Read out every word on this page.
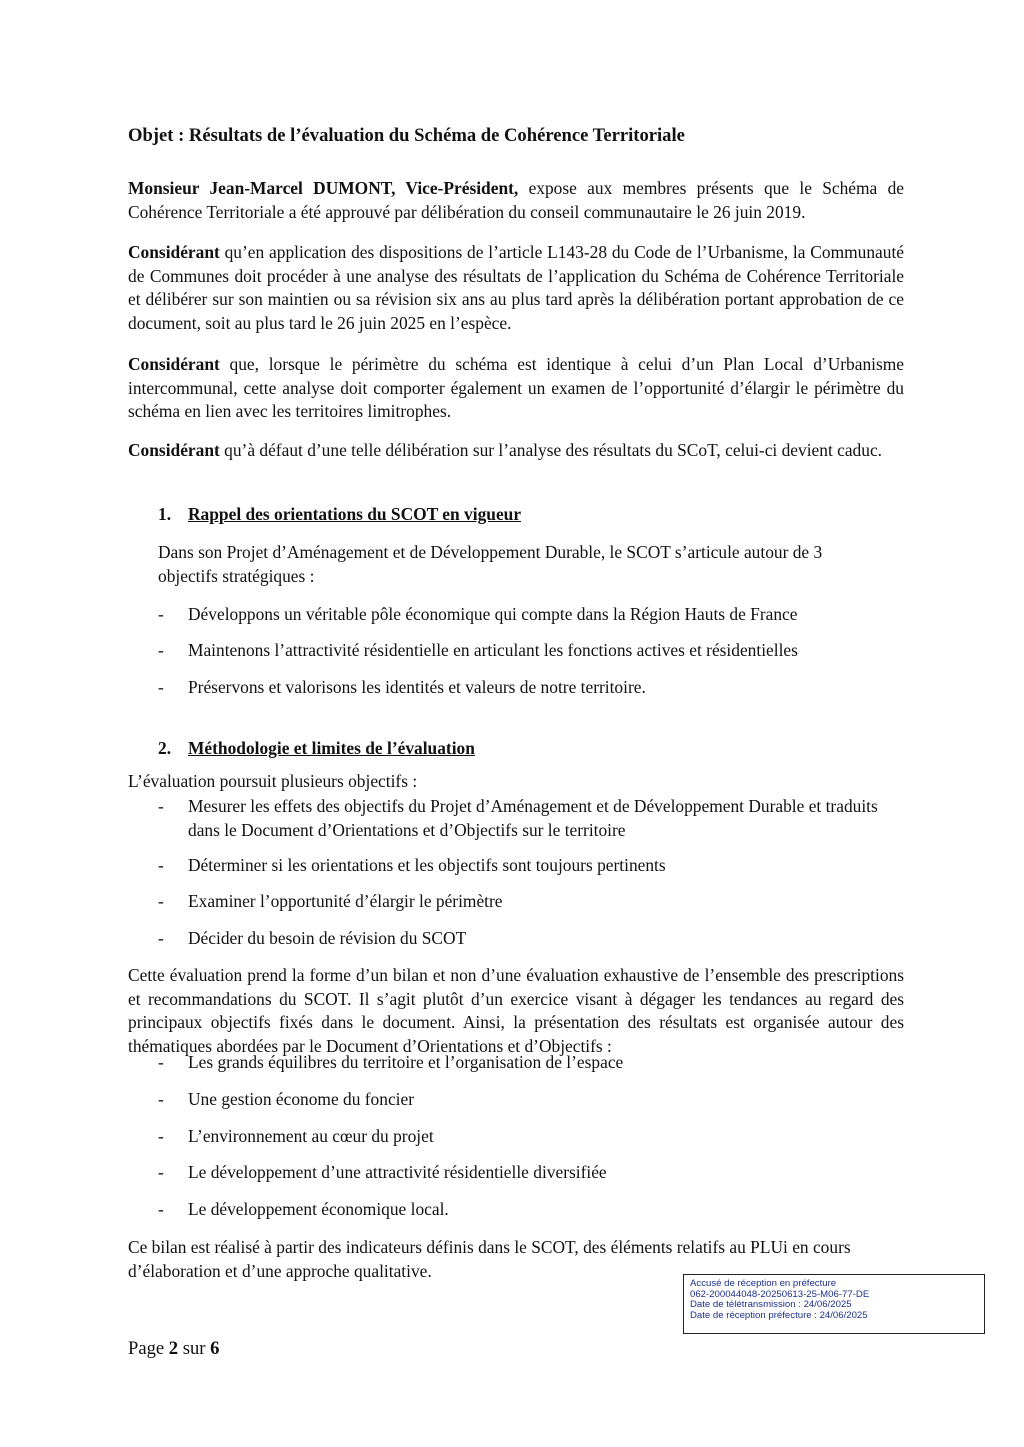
Objet : Résultats de l’évaluation du Schéma de Cohérence Territoriale

Monsieur Jean-Marcel DUMONT, Vice-Président, expose aux membres présents que le Schéma de Cohérence Territoriale a été approuvé par délibération du conseil communautaire le 26 juin 2019.

Considérant qu’en application des dispositions de l’article L143-28 du Code de l’Urbanisme, la Communauté de Communes doit procéder à une analyse des résultats de l’application du Schéma de Cohérence Territoriale et délibérer sur son maintien ou sa révision six ans au plus tard après la délibération portant approbation de ce document, soit au plus tard le 26 juin 2025 en l’espèce.

Considérant que, lorsque le périmètre du schéma est identique à celui d’un Plan Local d’Urbanisme intercommunal, cette analyse doit comporter également un examen de l’opportunité d’élargir le périmètre du schéma en lien avec les territoires limitrophes.

Considérant qu’à défaut d’une telle délibération sur l’analyse des résultats du SCoT, celui-ci devient caduc.

1. Rappel des orientations du SCOT en vigueur

Dans son Projet d’Aménagement et de Développement Durable, le SCOT s’articule autour de 3 objectifs stratégiques :

-	Développons un véritable pôle économique qui compte dans la Région Hauts de France
-	Maintenons l’attractivité résidentielle en articulant les fonctions actives et résidentielles
-	Préservons et valorisons les identités et valeurs de notre territoire.
2. Méthodologie et limites de l’évaluation

L’évaluation poursuit plusieurs objectifs :

-	Mesurer les effets des objectifs du Projet d’Aménagement et de Développement Durable et traduits dans le Document d’Orientations et d’Objectifs sur le territoire
-	Déterminer si les orientations et les objectifs sont toujours pertinents
-	Examiner l’opportunité d’élargir le périmètre
-	Décider du besoin de révision du SCOT

Cette évaluation prend la forme d’un bilan et non d’une évaluation exhaustive de l’ensemble des prescriptions et recommandations du SCOT. Il s’agit plutôt d’un exercice visant à dégager les tendances au regard des principaux objectifs fixés dans le document. Ainsi, la présentation des résultats est organisée autour des thématiques abordées par le Document d’Orientations et d’Objectifs :

-	Les grands équilibres du territoire et l’organisation de l’espace
-	Une gestion économe du foncier
-	L’environnement au cœur du projet
-	Le développement d’une attractivité résidentielle diversifiée
-	Le développement économique local.

Ce bilan est réalisé à partir des indicateurs définis dans le SCOT, des éléments relatifs au PLUi en cours d’élaboration et d’une approche qualitative.

Accusé de réception en préfecture
062-200044048-20250613-25-M06-77-DE
Date de télétransmission : 24/06/2025
Date de réception préfecture : 24/06/2025

Page 2 sur 6
